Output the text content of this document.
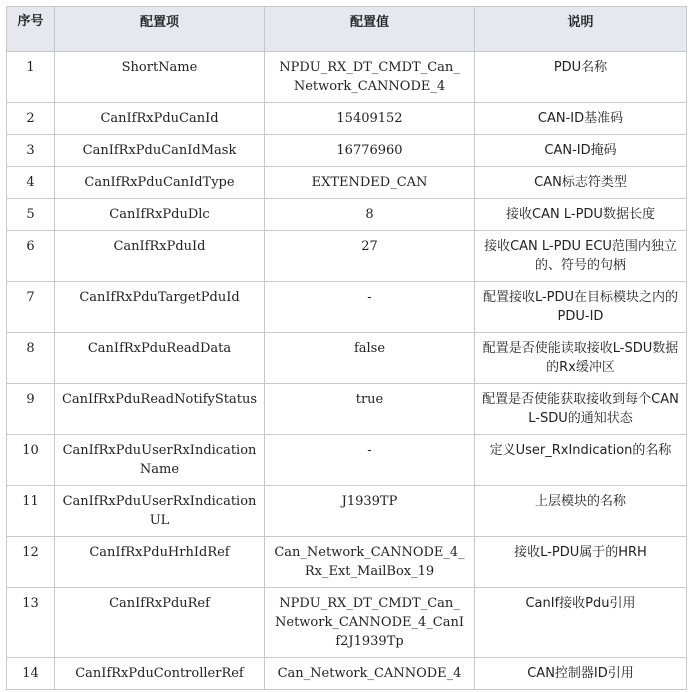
序号	配置项	配置值	说明
1	ShortName	NPDU_RX_DT_CMDT_Can_ Network_CANNODE_4	PDU名称
2	CanIfRxPduCanId	15409152	CAN-ID基准码
3	CanIfRxPduCanIdMask	16776960	CAN-ID掩码
4	CanIfRxPduCanIdType	EXTENDED_CAN	CAN标志符类型
5	CanIfRxPduDlc	8	接收CAN L-PDU数据长度
6	CanIfRxPduId	27	接收CAN L-PDU ECU范围内独立的、符号的句柄
7	CanIfRxPduTargetPduId	-	配置接收L-PDU在目标模块之内的PDU-ID
8	CanIfRxPduReadData	false	配置是否使能读取接收L-SDU数据的Rx缓冲区
9	CanIfRxPduReadNotifyStatus	true	配置是否使能获取接收到每个CAN L-SDU的通知状态
10	CanIfRxPduUserRxIndication Name	-	定义User_RxIndication的名称
11	CanIfRxPduUserRxIndication UL	J1939TP	上层模块的名称
12	CanIfRxPduHrhIdRef	Can_Network_CANNODE_4_ Rx_Ext_MailBox_19	接收L-PDU属于的HRH
13	CanIfRxPduRef	NPDU_RX_DT_CMDT_Can_ Network_CANNODE_4_CanI f2J1939Tp	CanIf接收Pdu引用
14	CanIfRxPduControllerRef	Can_Network_CANNODE_4	CAN控制器ID引用
